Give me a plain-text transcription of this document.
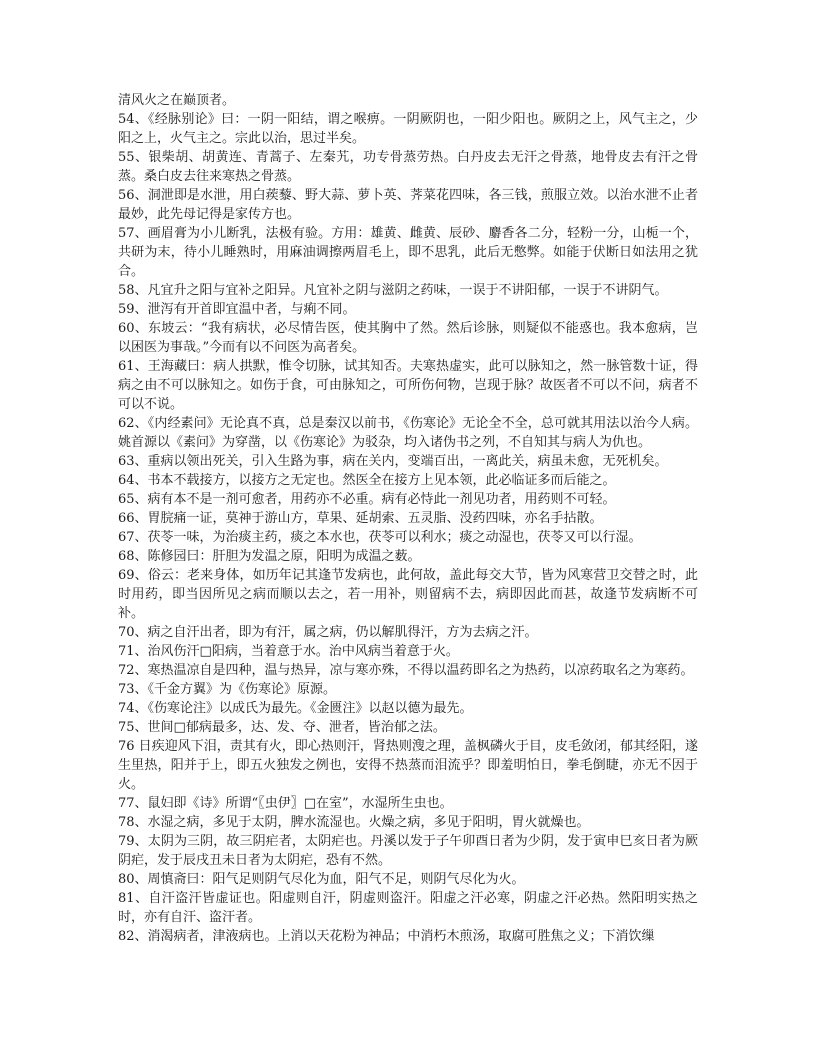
清风火之在巅顶者。

54、《经脉别论》曰：一阴一阳结，谓之喉痹。一阴厥阴也，一阳少阳也。厥阴之上，风气主之，少阳之上，火气主之。宗此以治，思过半矣。

55、银柴胡、胡黄连、青蒿子、左秦艽，功专骨蒸劳热。白丹皮去无汗之骨蒸，地骨皮去有汗之骨蒸。桑白皮去往来寒热之骨蒸。

56、洞泄即是水泄，用白蒺藜、野大蒜、萝卜英、荠菜花四味，各三钱，煎服立效。以治水泄不止者最妙，此先母记得是家传方也。

57、画眉膏为小儿断乳，法极有验。方用：雄黄、雌黄、辰砂、麝香各二分，轻粉一分，山栀一个，共研为末，待小儿睡熟时，用麻油调擦两眉毛上，即不思乳，此后无憋弊。如能于伏断日如法用之犹合。

58、凡宜升之阳与宜补之阳异。凡宜补之阴与滋阴之药味，一误于不讲阳郁，一误于不讲阴气。

59、泄泻有开首即宜温中者，与痢不同。

60、东坡云：“我有病状，必尽情告医，使其胸中了然。然后诊脉，则疑似不能惑也。我本愈病，岂以困医为事哉。”今而有以不问医为高者矣。

61、王海藏曰：病人拱默，惟令切脉，试其知否。夫寒热虚实，此可以脉知之，然一脉管数十证，得病之由不可以脉知之。如伤于食，可由脉知之，可所伤何物，岂现于脉？故医者不可以不问，病者不可以不说。

62、《内经素问》无论真不真，总是秦汉以前书，《伤寒论》无论全不全，总可就其用法以治今人病。姚首源以《素问》为穿凿，以《伤寒论》为驳杂，均入诸伪书之列，不自知其与病人为仇也。

63、重病以领出死关，引入生路为事，病在关内，变端百出，一离此关，病虽未愈，无死机矣。

64、书本不载接方，以接方之无定也。然医全在接方上见本领，此必临证多而后能之。

65、病有本不是一剂可愈者，用药亦不必重。病有必恃此一剂见功者，用药则不可轻。

66、胃脘痛一证，莫神于游山方，草果、延胡索、五灵脂、没药四味，亦名手拈散。

67、茯苓一味，为治痰主药，痰之本水也，茯苓可以利水；痰之动湿也，茯苓又可以行湿。

68、陈修园曰：肝胆为发温之原，阳明为成温之薮。

69、俗云：老来身体，如历年记其逢节发病也，此何故，盖此每交大节，皆为风寒营卫交替之时，此时用药，即当因所见之病而顺以去之，若一用补，则留病不去，病即因此而甚，故逢节发病断不可补。

70、病之自汗出者，即为有汗，属之病，仍以解肌得汗，方为去病之汗。

71、治风伤汗□阳病，当着意于水。治中风病当着意于火。

72、寒热温凉自是四种，温与热异，凉与寒亦殊，不得以温药即名之为热药，以凉药取名之为寒药。

73、《千金方翼》为《伤寒论》原源。

74、《伤寒论注》以成氏为最先。《金匮注》以赵以德为最先。

75、世间□郁病最多，达、发、夺、泄者，皆治郁之法。

76 日疾迎风下泪，责其有火，即心热则汗，肾热则溲之理，盖枫磷火于目，皮毛敛闭，郁其经阳，遂生里热，阳并于上，即五火独发之例也，安得不热蒸而泪流乎？即羞明怕日，拳毛倒睫，亦无不因于火。

77、鼠妇即《诗》所谓“〖虫伊〗□在室”，水湿所生虫也。

78、水湿之病，多见于太阴，脾水流湿也。火燥之病，多见于阳明，胃火就燥也。

79、太阴为三阴，故三阴疟者，太阴疟也。丹溪以发于子午卯酉日者为少阴，发于寅申巳亥日者为厥阴疟，发于辰戌丑未日者为太阴疟，恐有不然。

80、周慎斋曰：阳气足则阴气尽化为血，阳气不足，则阴气尽化为火。

81、自汗盗汗皆虚证也。阳虚则自汗，阴虚则盗汗。阳虚之汗必寒，阴虚之汗必热。然阳明实热之时，亦有自汗、盗汗者。

82、消渴病者，津液病也。上消以天花粉为神品；中消朽木煎汤，取腐可胜焦之义；下消饮缫
